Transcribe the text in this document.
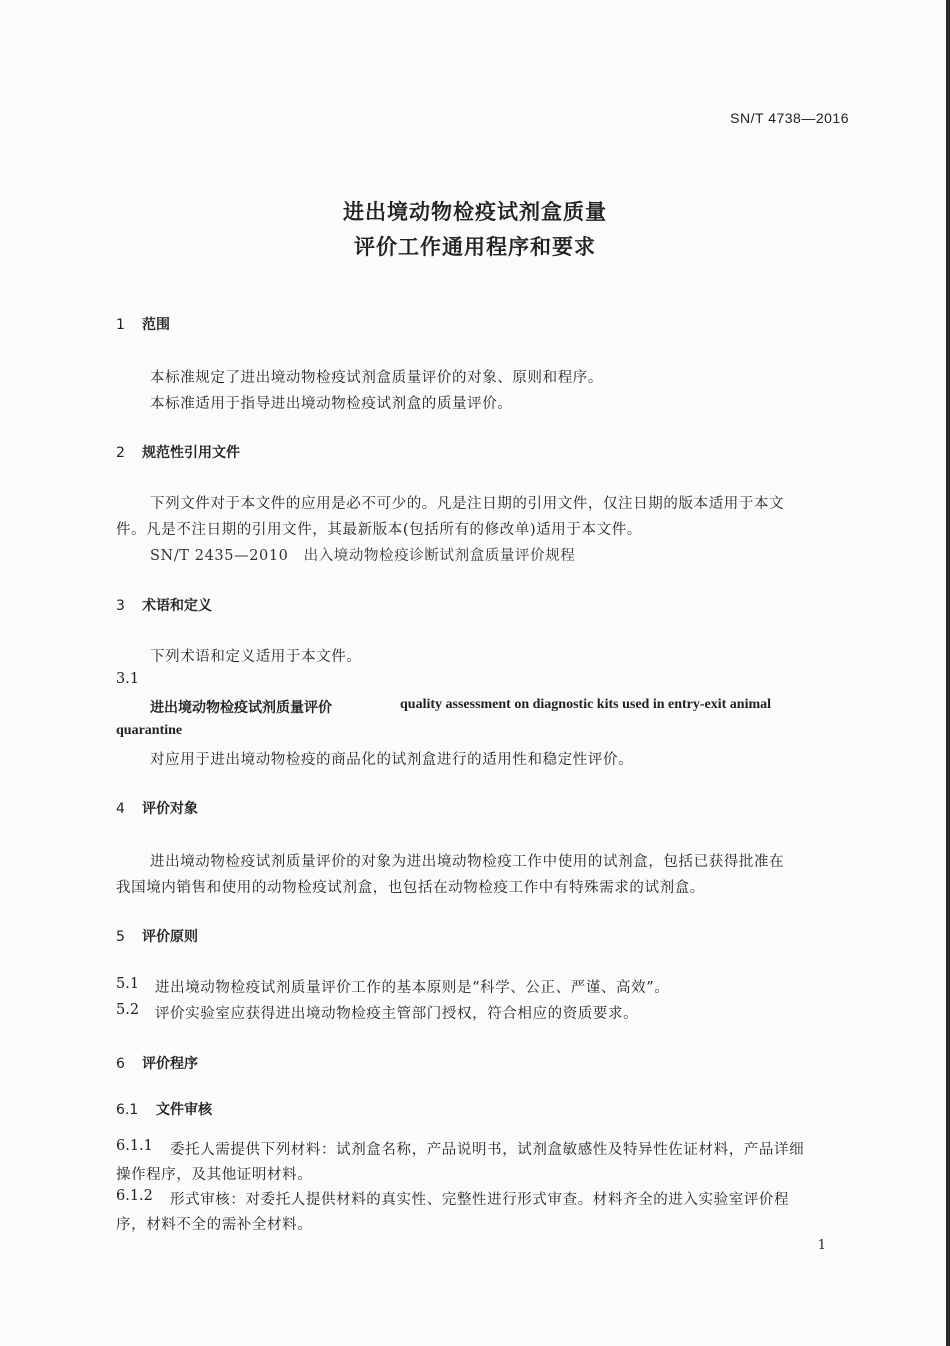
SN/T 4738—2016
进出境动物检疫试剂盒质量
评价工作通用程序和要求
1 范围
本标准规定了进出境动物检疫试剂盒质量评价的对象、原则和程序。
本标准适用于指导进出境动物检疫试剂盒的质量评价。
2 规范性引用文件
下列文件对于本文件的应用是必不可少的。凡是注日期的引用文件，仅注日期的版本适用于本文
件。凡是不注日期的引用文件，其最新版本(包括所有的修改单)适用于本文件。
SN/T 2435—2010　出入境动物检疫诊断试剂盒质量评价规程
3 术语和定义
下列术语和定义适用于本文件。
3.1
进出境动物检疫试剂质量评价	quality assessment on diagnostic kits used in entry-exit animal
quarantine
对应用于进出境动物检疫的商品化的试剂盒进行的适用性和稳定性评价。
4 评价对象
进出境动物检疫试剂质量评价的对象为进出境动物检疫工作中使用的试剂盒，包括已获得批准在
我国境内销售和使用的动物检疫试剂盒，也包括在动物检疫工作中有特殊需求的试剂盒。
5 评价原则
5.1 进出境动物检疫试剂质量评价工作的基本原则是“科学、公正、严谨、高效”。
5.2 评价实验室应获得进出境动物检疫主管部门授权，符合相应的资质要求。
6 评价程序
6.1 文件审核
6.1.1 委托人需提供下列材料：试剂盒名称，产品说明书，试剂盒敏感性及特异性佐证材料，产品详细
操作程序，及其他证明材料。
6.1.2 形式审核：对委托人提供材料的真实性、完整性进行形式审查。材料齐全的进入实验室评价程
序，材料不全的需补全材料。
1
